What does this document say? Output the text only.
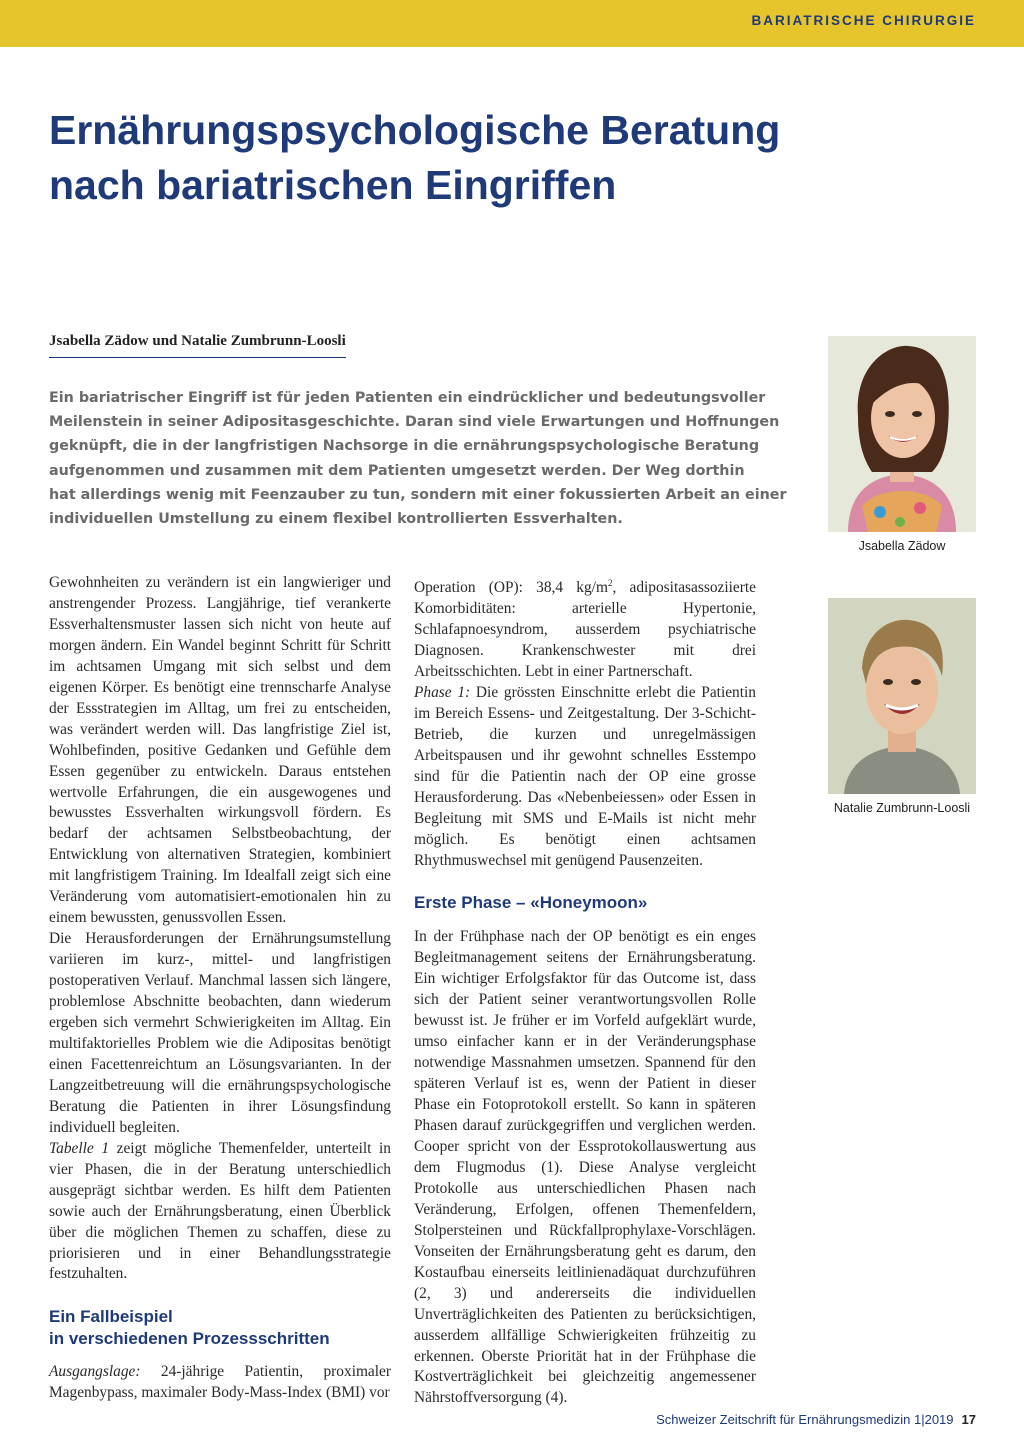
BARIATRISCHE CHIRURGIE
Ernährungspsychologische Beratung
nach bariatrischen Eingriffen
Jsabella Zädow und Natalie Zumbrunn-Loosli
Ein bariatrischer Eingriff ist für jeden Patienten ein eindrücklicher und bedeutungsvoller
Meilenstein in seiner Adipositasgeschichte. Daran sind viele Erwartungen und Hoffnungen
geknüpft, die in der langfristigen Nachsorge in die ernährungspsychologische Beratung
aufgenommen und zusammen mit dem Patienten umgesetzt werden. Der Weg dorthin
hat allerdings wenig mit Feenzauber zu tun, sondern mit einer fokussierten Arbeit an einer
individuellen Umstellung zu einem flexibel kontrollierten Essverhalten.
Jsabella Zädow
Natalie Zumbrunn-Loosli

Gewohnheiten zu verändern ist ein langwieriger und anstrengender Prozess. Langjährige, tief verankerte Essverhaltensmuster lassen sich nicht von heute auf morgen ändern. Ein Wandel beginnt Schritt für Schritt im achtsamen Umgang mit sich selbst und dem eigenen Körper. Es benötigt eine trennscharfe Analyse der Essstrategien im Alltag, um frei zu entscheiden, was verändert werden will. Das langfristige Ziel ist, Wohlbefinden, positive Gedanken und Gefühle dem Essen gegenüber zu entwickeln. Daraus entstehen wertvolle Erfahrungen, die ein ausgewogenes und bewusstes Essverhalten wirkungsvoll fördern. Es bedarf der achtsamen Selbstbeobachtung, der Entwicklung von alternativen Strategien, kombiniert mit langfristigem Training. Im Idealfall zeigt sich eine Veränderung vom automatisiert-emotionalen hin zu einem bewussten, genussvollen Essen.

Die Herausforderungen der Ernährungsumstellung variieren im kurz-, mittel- und langfristigen postoperativen Verlauf. Manchmal lassen sich längere, problemlose Abschnitte beobachten, dann wiederum ergeben sich vermehrt Schwierigkeiten im Alltag. Ein multifaktorielles Problem wie die Adipositas benötigt einen Facettenreichtum an Lösungsvarianten. In der Langzeitbetreuung will die ernährungspsychologische Beratung die Patienten in ihrer Lösungsfindung individuell begleiten.

Tabelle 1 zeigt mögliche Themenfelder, unterteilt in vier Phasen, die in der Beratung unterschiedlich ausgeprägt sichtbar werden. Es hilft dem Patienten sowie auch der Ernährungsberatung, einen Überblick über die möglichen Themen zu schaffen, diese zu priorisieren und in einer Behandlungsstrategie festzuhalten.

Ein Fallbeispiel
in verschiedenen Prozessschritten

Ausgangslage: 24-jährige Patientin, proximaler Magenbypass, maximaler Body-Mass-Index (BMI) vor

Operation (OP): 38,4 $kg/m^2$, adipositasassoziierte Komorbiditäten: arterielle Hypertonie, Schlafapnoesyndrom, ausserdem psychiatrische Diagnosen. Krankenschwester mit drei Arbeitsschichten. Lebt in einer Partnerschaft.

Phase 1: Die grössten Einschnitte erlebt die Patientin im Bereich Essens- und Zeitgestaltung. Der 3-Schicht-Betrieb, die kurzen und unregelmässigen Arbeitspausen und ihr gewohnt schnelles Esstempo sind für die Patientin nach der OP eine grosse Herausforderung. Das «Nebenbeiessen» oder Essen in Begleitung mit SMS und E-Mails ist nicht mehr möglich. Es benötigt einen achtsamen Rhythmuswechsel mit genügend Pausenzeiten.

Erste Phase – «Honeymoon»

In der Frühphase nach der OP benötigt es ein enges Begleitmanagement seitens der Ernährungsberatung. Ein wichtiger Erfolgsfaktor für das Outcome ist, dass sich der Patient seiner verantwortungsvollen Rolle bewusst ist. Je früher er im Vorfeld aufgeklärt wurde, umso einfacher kann er in der Veränderungsphase notwendige Massnahmen umsetzen. Spannend für den späteren Verlauf ist es, wenn der Patient in dieser Phase ein Fotoprotokoll erstellt. So kann in späteren Phasen darauf zurückgegriffen und verglichen werden. Cooper spricht von der Essprotokollauswertung aus dem Flugmodus (1). Diese Analyse vergleicht Protokolle aus unterschiedlichen Phasen nach Veränderung, Erfolgen, offenen Themenfeldern, Stolpersteinen und Rückfallprophylaxe-Vorschlägen. Vonseiten der Ernährungsberatung geht es darum, den Kostaufbau einerseits leitlinienadäquat durchzuführen (2, 3) und andererseits die individuellen Unverträglichkeiten des Patienten zu berücksichtigen, ausserdem allfällige Schwierigkeiten frühzeitig zu erkennen. Oberste Priorität hat in der Frühphase die Kostverträglichkeit bei gleichzeitig angemessener Nährstoffversorgung (4).

Schweizer Zeitschrift für Ernährungsmedizin 1|2019 17
